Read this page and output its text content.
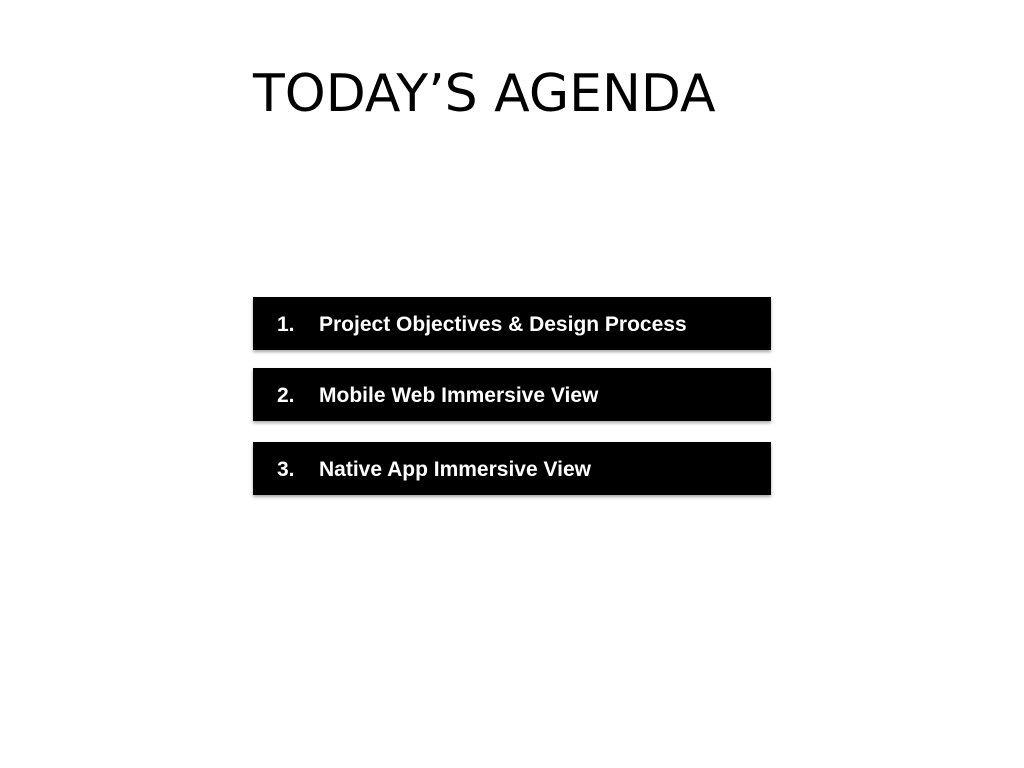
TODAY’S AGENDA
1. Project Objectives & Design Process
2. Mobile Web Immersive View
3. Native App Immersive View
